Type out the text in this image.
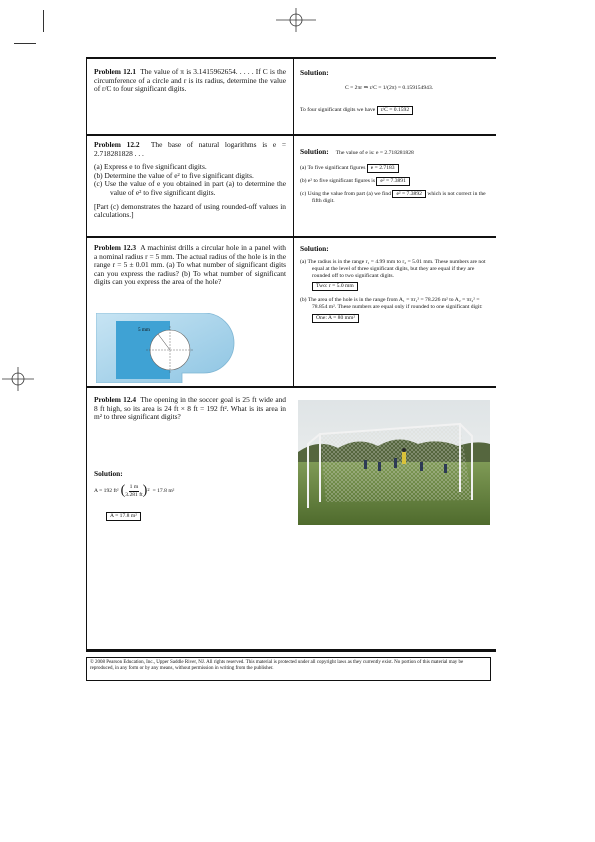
Problem 12.1 The value of π is 3.1415962654. . . . . If C is the circumference of a circle and r is its radius, determine the value of r/C to four significant digits.
Solution:
C = 2πr ⇒ r/C = 1/(2π) = 0.159154943.
To four significant digits we have r/C = 0.1592
Problem 12.2 The base of natural logarithms is e = 2.718281828 . . .
(a) Express e to five significant digits.
(b) Determine the value of e² to five significant digits.
(c) Use the value of e you obtained in part (a) to determine the value of e² to five significant digits.
[Part (c) demonstrates the hazard of using rounded-off values in calculations.]
Solution: The value of e is: e = 2.718281828
(a) To five significant figures e = 2.7183
(b) e² to five significant figures is e² = 7.3891
(c) Using the value from part (a) we find e² = 7.3892 which is not correct in the fifth digit.
Problem 12.3 A machinist drills a circular hole in a panel with a nominal radius r = 5 mm. The actual radius of the hole is in the range r = 5 ± 0.01 mm. (a) To what number of significant digits can you express the radius? (b) To what number of significant digits can you express the area of the hole?
5 mm
Solution:
(a) The radius is in the range r₁ = 4.99 mm to r₂ = 5.01 mm. These numbers are not equal at the level of three significant digits, but they are equal if they are rounded off to two significant digits.
Two: r = 5.0 mm
(b) The area of the hole is in the range from A₁ = πr₁² = 78.226 m² to A₂ = πr₂² = 78.854 m². These numbers are equal only if rounded to one significant digit:
One: A = 80 mm²
Problem 12.4 The opening in the soccer goal is 25 ft wide and 8 ft high, so its area is 24 ft × 8 ft = 192 ft². What is its area in m² to three significant digits?
Solution:
A = 192 ft² ( $\frac{1 m}{3.281 ft}$ ) 2 = 17.8 m²
A = 17.8 m²
© 2008 Pearson Education, Inc., Upper Saddle River, NJ. All rights reserved. This material is protected under all copyright laws as they currently exist. No portion of this material may be reproduced, in any form or by any means, without permission in writing from the publisher.
